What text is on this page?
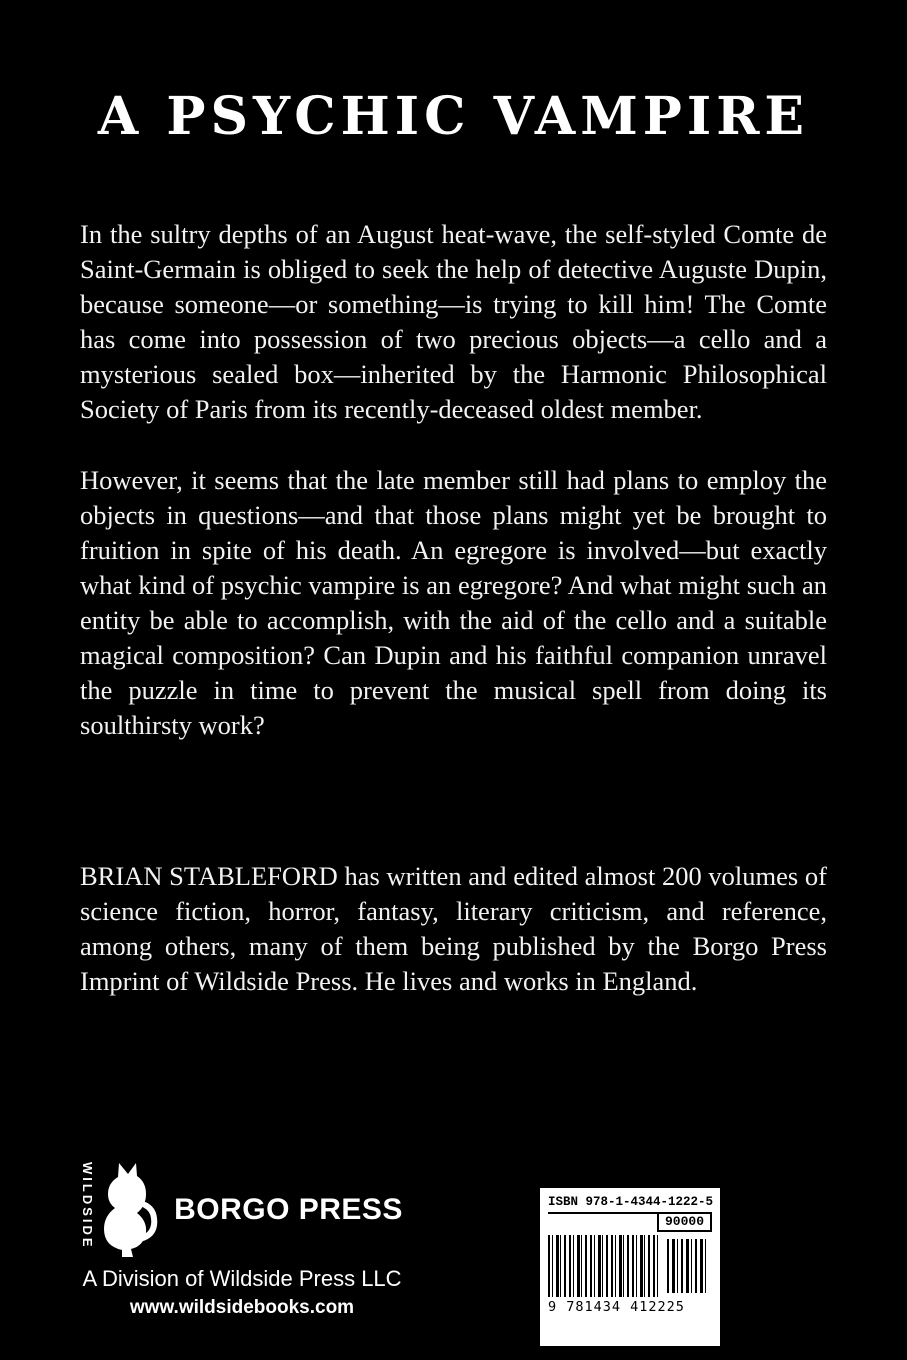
A PSYCHIC VAMPIRE

In the sultry depths of an August heat-wave, the self-styled Comte de Saint-Germain is obliged to seek the help of detective Auguste Dupin, because someone—or something—is trying to kill him! The Comte has come into possession of two precious objects—a cello and a mysterious sealed box—inherited by the Harmonic Philosophical Society of Paris from its recently-deceased oldest member.

However, it seems that the late member still had plans to employ the objects in questions—and that those plans might yet be brought to fruition in spite of his death. An egregore is involved—but exactly what kind of psychic vampire is an egregore? And what might such an entity be able to accomplish, with the aid of the cello and a suitable magical composition? Can Dupin and his faithful companion unravel the puzzle in time to prevent the musical spell from doing its soulthirsty work?

BRIAN STABLEFORD has written and edited almost 200 volumes of science fiction, horror, fantasy, literary criticism, and reference, among others, many of them being published by the Borgo Press Imprint of Wildside Press. He lives and works in England.

WILDSIDE	BORGO PRESS
A Division of Wildside Press LLC
www.wildsidebooks.com
ISBN 978-1-4344-1222-5
90000
9 781434 412225
